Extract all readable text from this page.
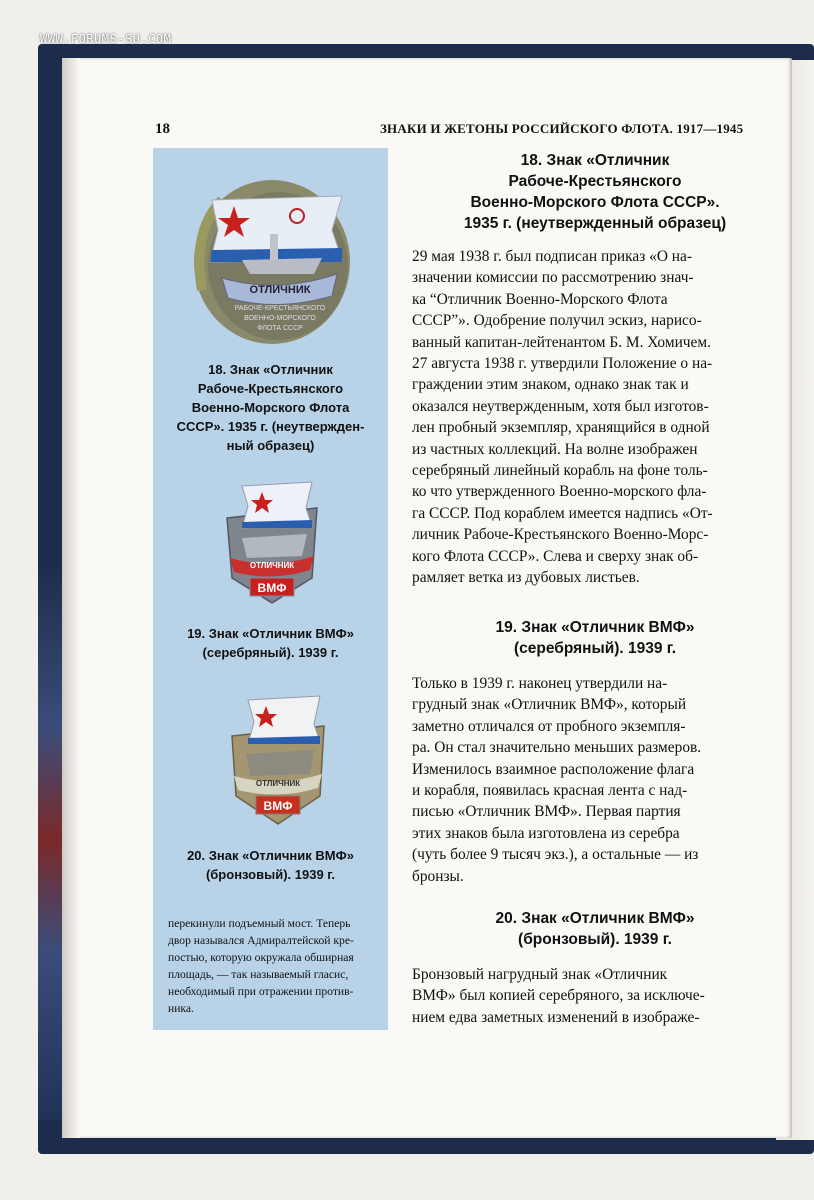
WWW.FORUMS-SU.COM
18	ЗНАКИ И ЖЕТОНЫ РОССИЙСКОГО ФЛОТА. 1917—1945
ОТЛИЧНИК
РАБОЧЕ-КРЕСТЬЯНСКОГО
ВОЕННО-МОРСКОГО
ФЛОТА СССР
18. Знак «Отличник
Рабоче-Крестьянского
Военно-Морского Флота
СССР». 1935 г. (неутвержден-
ный образец)
ОТЛИЧНИК
ВМФ
19. Знак «Отличник ВМФ»
(серебряный). 1939 г.
ОТЛИЧНИК
ВМФ
20. Знак «Отличник ВМФ»
(бронзовый). 1939 г.
перекинули подъемный мост. Теперь
двор назывался Адмиралтейской кре-
постью, которую окружала обширная
площадь, — так называемый гласис,
необходимый при отражении против-
ника.
18. Знак «Отличник
Рабоче-Крестьянского
Военно-Морского Флота СССР».
1935 г. (неутвержденный образец)
29 мая 1938 г. был подписан приказ «О на-
значении комиссии по рассмотрению знач-
ка “Отличник Военно-Морского Флота
СССР”». Одобрение получил эскиз, нарисо-
ванный капитан-лейтенантом Б. М. Хомичем.
27 августа 1938 г. утвердили Положение о на-
граждении этим знаком, однако знак так и
оказался неутвержденным, хотя был изготов-
лен пробный экземпляр, хранящийся в одной
из частных коллекций. На волне изображен
серебряный линейный корабль на фоне толь-
ко что утвержденного Военно-морского фла-
га СССР. Под кораблем имеется надпись «От-
личник Рабоче-Крестьянского Военно-Морс-
кого Флота СССР». Слева и сверху знак об-
рамляет ветка из дубовых листьев.
19. Знак «Отличник ВМФ»
(серебряный). 1939 г.
Только в 1939 г. наконец утвердили на-
грудный знак «Отличник ВМФ», который
заметно отличался от пробного экземпля-
ра. Он стал значительно меньших размеров.
Изменилось взаимное расположение флага
и корабля, появилась красная лента с над-
писью «Отличник ВМФ». Первая партия
этих знаков была изготовлена из серебра
(чуть более 9 тысяч экз.), а остальные — из
бронзы.
20. Знак «Отличник ВМФ»
(бронзовый). 1939 г.
Бронзовый нагрудный знак «Отличник
ВМФ» был копией серебряного, за исключе-
нием едва заметных изменений в изображе-
